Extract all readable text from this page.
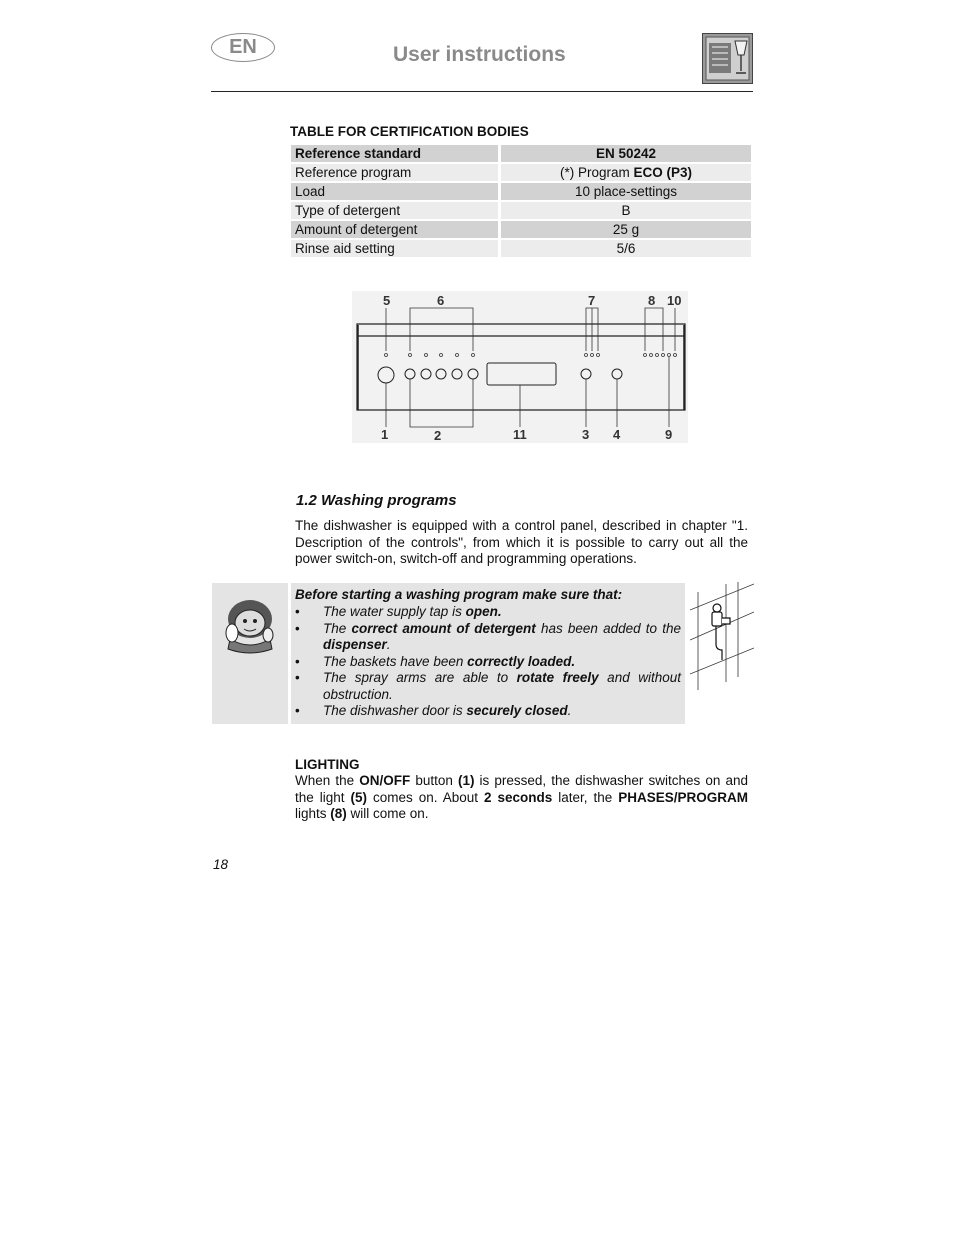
EN	User instructions
TABLE FOR CERTIFICATION BODIES
Reference standard	EN 50242
Reference program	(*) Program ECO (P3)
Load	10 place-settings
Type of detergent	B
Amount of detergent	25 g
Rinse aid setting	5/6
5	6	7	8 10
1	2	11	3 4	9
1.2 Washing programs
The dishwasher is equipped with a control panel, described in chapter "1. Description of the controls", from which it is possible to carry out all the power switch-on, switch-off and programming operations.
Before starting a washing program make sure that:
• The water supply tap is open.
• The correct amount of detergent has been added to the dispenser.
• The baskets have been correctly loaded.
• The spray arms are able to rotate freely and without obstruction.
• The dishwasher door is securely closed.
LIGHTING
When the ON/OFF button (1) is pressed, the dishwasher switches on and the light (5) comes on. About 2 seconds later, the PHASES/PROGRAM lights (8) will come on.
18
